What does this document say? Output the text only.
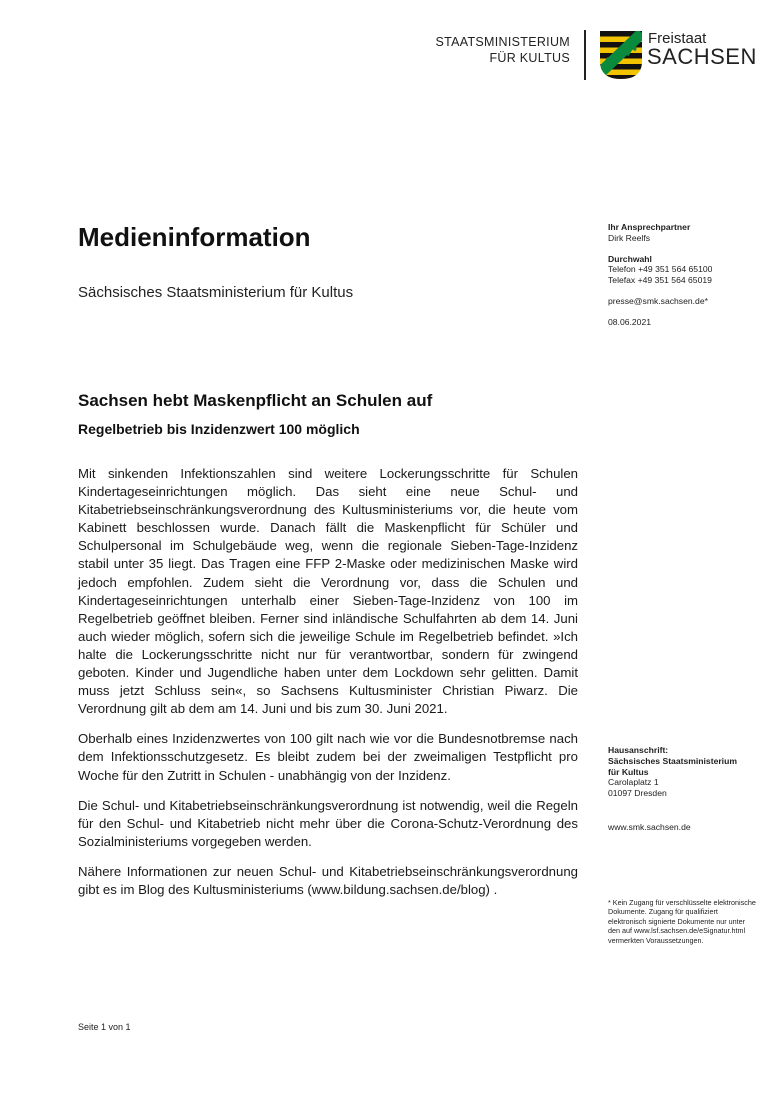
STAATSMINISTERIUM
FÜR KULTUS
Freistaat
SACHSEN
Medieninformation

Sächsisches Staatsministerium für Kultus

Ihr Ansprechpartner
Dirk Reelfs
Durchwahl
Telefon +49 351 564 65100
Telefax +49 351 564 65019
presse@smk.sachsen.de*
08.06.2021
Sachsen hebt Maskenpflicht an Schulen auf
Regelbetrieb bis Inzidenzwert 100 möglich

Mit sinkenden Infektionszahlen sind weitere Lockerungsschritte für Schulen Kindertageseinrichtungen möglich. Das sieht eine neue Schul- und Kitabetriebseinschränkungsverordnung des Kultusministeriums vor, die heute vom Kabinett beschlossen wurde. Danach fällt die Maskenpflicht für Schüler und Schulpersonal im Schulgebäude weg, wenn die regionale Sieben-Tage-Inzidenz stabil unter 35 liegt. Das Tragen eine FFP 2-Maske oder medizinischen Maske wird jedoch empfohlen. Zudem sieht die Verordnung vor, dass die Schulen und Kindertageseinrichtungen unterhalb einer Sieben-Tage-Inzidenz von 100 im Regelbetrieb geöffnet bleiben. Ferner sind inländische Schulfahrten ab dem 14. Juni auch wieder möglich, sofern sich die jeweilige Schule im Regelbetrieb befindet. »Ich halte die Lockerungsschritte nicht nur für verantwortbar, sondern für zwingend geboten. Kinder und Jugendliche haben unter dem Lockdown sehr gelitten. Damit muss jetzt Schluss sein«, so Sachsens Kultusminister Christian Piwarz. Die Verordnung gilt ab dem am 14. Juni und bis zum 30. Juni 2021.

Oberhalb eines Inzidenzwertes von 100 gilt nach wie vor die Bundesnotbremse nach dem Infektionsschutzgesetz. Es bleibt zudem bei der zweimaligen Testpflicht pro Woche für den Zutritt in Schulen - unabhängig von der Inzidenz.

Die Schul- und Kitabetriebseinschränkungsverordnung ist notwendig, weil die Regeln für den Schul- und Kitabetrieb nicht mehr über die Corona-Schutz-Verordnung des Sozialministeriums vorgegeben werden.

Nähere Informationen zur neuen Schul- und Kitabetriebseinschränkungsverordnung gibt es im Blog des Kultusministeriums (www.bildung.sachsen.de/blog) .

Hausanschrift:
Sächsisches Staatsministerium
für Kultus
Carolaplatz 1
01097 Dresden
www.smk.sachsen.de
* Kein Zugang für verschlüsselte elektronische Dokumente. Zugang für qualifiziert elektronisch signierte Dokumente nur unter den auf www.lsf.sachsen.de/eSignatur.html vermerkten Voraussetzungen.
Seite 1 von 1
